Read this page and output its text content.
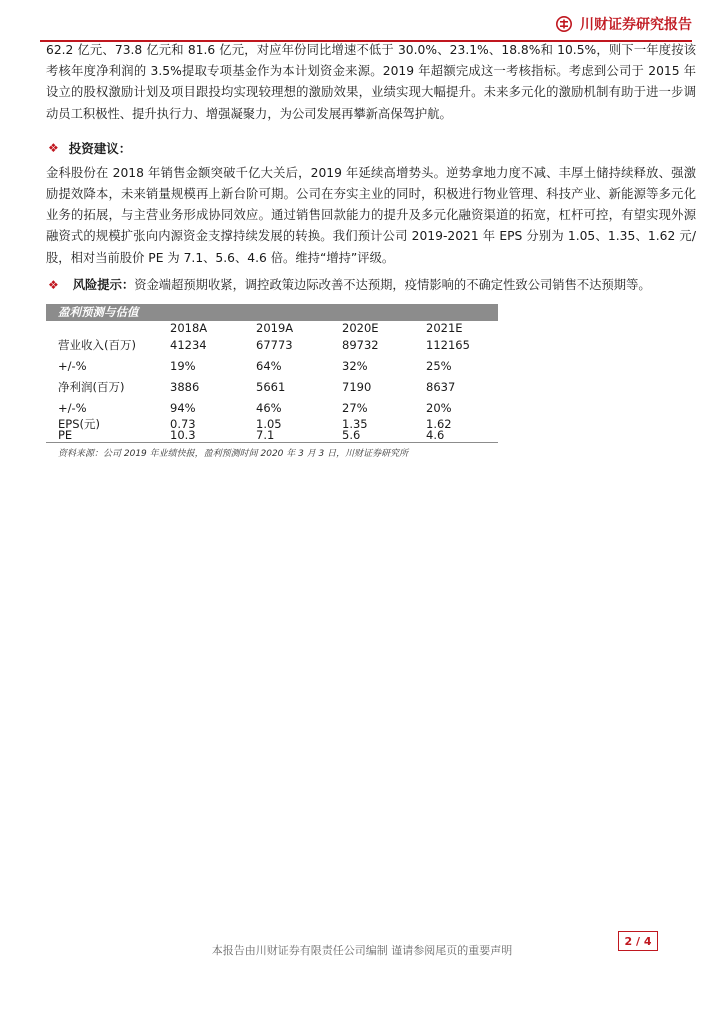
川财证券研究报告

62.2 亿元、73.8 亿元和 81.6 亿元，对应年份同比增速不低于 30.0%、23.1%、18.8%和 10.5%，则下一年度按该考核年度净利润的 3.5%提取专项基金作为本计划资金来源。2019 年超额完成这一考核指标。考虑到公司于 2015 年设立的股权激励计划及项目跟投均实现较理想的激励效果，业绩实现大幅提升。未来多元化的激励机制有助于进一步调动员工积极性、提升执行力、增强凝聚力，为公司发展再攀新高保驾护航。

❖ 投资建议：

金科股份在 2018 年销售金额突破千亿大关后，2019 年延续高增势头。逆势拿地力度不减、丰厚土储持续释放、强激励提效降本，未来销量规模再上新台阶可期。公司在夯实主业的同时，积极进行物业管理、科技产业、新能源等多元化业务的拓展，与主营业务形成协同效应。通过销售回款能力的提升及多元化融资渠道的拓宽，杠杆可控，有望实现外源融资式的规模扩张向内源资金支撑持续发展的转换。我们预计公司 2019-2021 年 EPS 分别为 1.05、1.35、1.62 元/股，相对当前股价 PE 为 7.1、5.6、4.6 倍。维持“增持”评级。

❖ 风险提示：资金端超预期收紧，调控政策边际改善不达预期，疫情影响的不确定性致公司销售不达预期等。
盈利预测与估值
	2018A	2019A	2020E	2021E
营业收入(百万)	41234	67773	89732	112165
+/-%	19%	64%	32%	25%
净利润(百万)	3886	5661	7190	8637
+/-%	94%	46%	27%	20%
EPS(元)	0.73	1.05	1.35	1.62
PE	10.3	7.1	5.6	4.6
资料来源：公司 2019 年业绩快报，盈利预测时间 2020 年 3 月 3 日，川财证券研究所
2 / 4
本报告由川财证券有限责任公司编制 谨请参阅尾页的重要声明
